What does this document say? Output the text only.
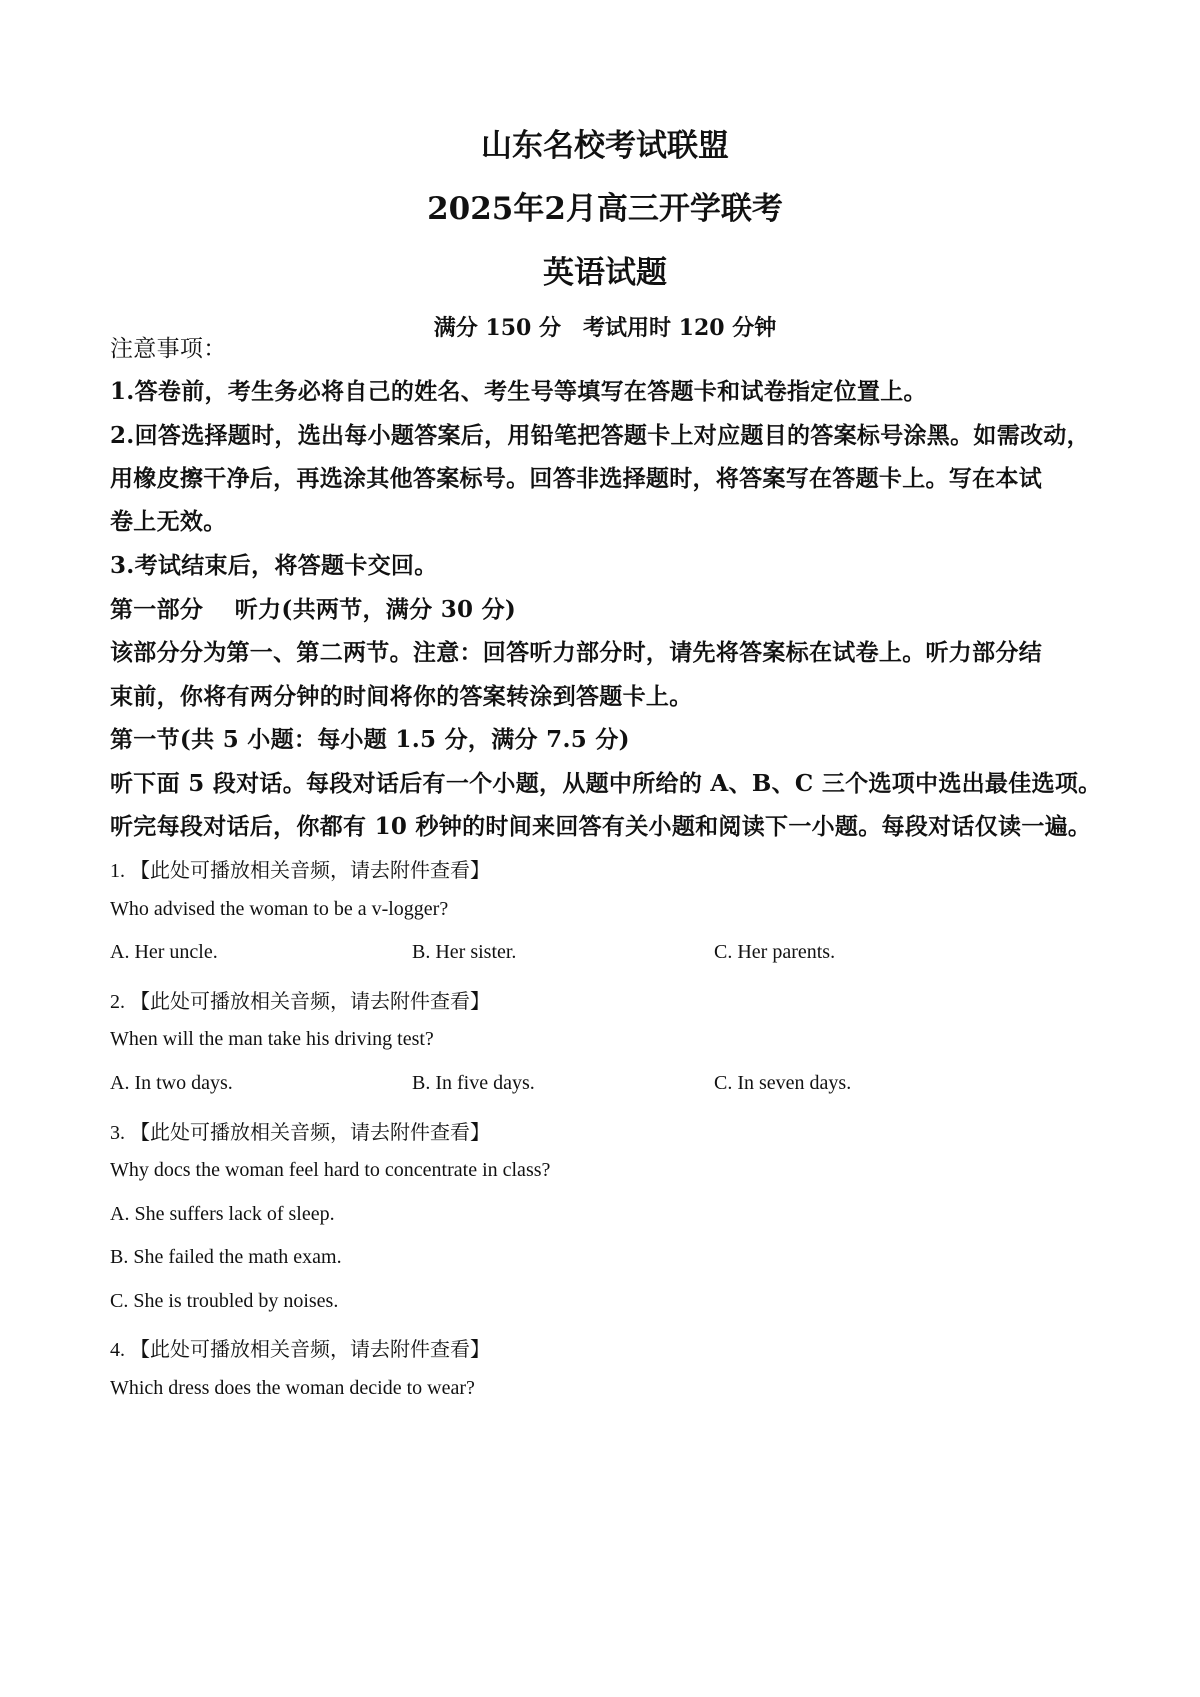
山东名校考试联盟
2025年2月高三开学联考
英语试题
满分 150 分　考试用时 120 分钟
注意事项：
1.答卷前，考生务必将自己的姓名、考生号等填写在答题卡和试卷指定位置上。
2.回答选择题时，选出每小题答案后，用铅笔把答题卡上对应题目的答案标号涂黑。如需改动，
用橡皮擦干净后，再选涂其他答案标号。回答非选择题时，将答案写在答题卡上。写在本试
卷上无效。
3.考试结束后，将答题卡交回。
第一部分　 听力(共两节，满分 30 分)
该部分分为第一、第二两节。注意：回答听力部分时，请先将答案标在试卷上。听力部分结
束前，你将有两分钟的时间将你的答案转涂到答题卡上。
第一节(共 5 小题：每小题 1.5 分，满分 7.5 分)
听下面 5 段对话。每段对话后有一个小题，从题中所给的 A、B、C 三个选项中选出最佳选项。
听完每段对话后，你都有 10 秒钟的时间来回答有关小题和阅读下一小题。每段对话仅读一遍。
1. 【此处可播放相关音频，请去附件查看】
Who advised the woman to be a v-logger?
A. Her uncle.	B. Her sister.	C. Her parents.
2. 【此处可播放相关音频，请去附件查看】
When will the man take his driving test?
A. In two days.	B. In five days.	C. In seven days.
3. 【此处可播放相关音频，请去附件查看】
Why docs the woman feel hard to concentrate in class?
A. She suffers lack of sleep.
B. She failed the math exam.
C. She is troubled by noises.
4. 【此处可播放相关音频，请去附件查看】
Which dress does the woman decide to wear?
